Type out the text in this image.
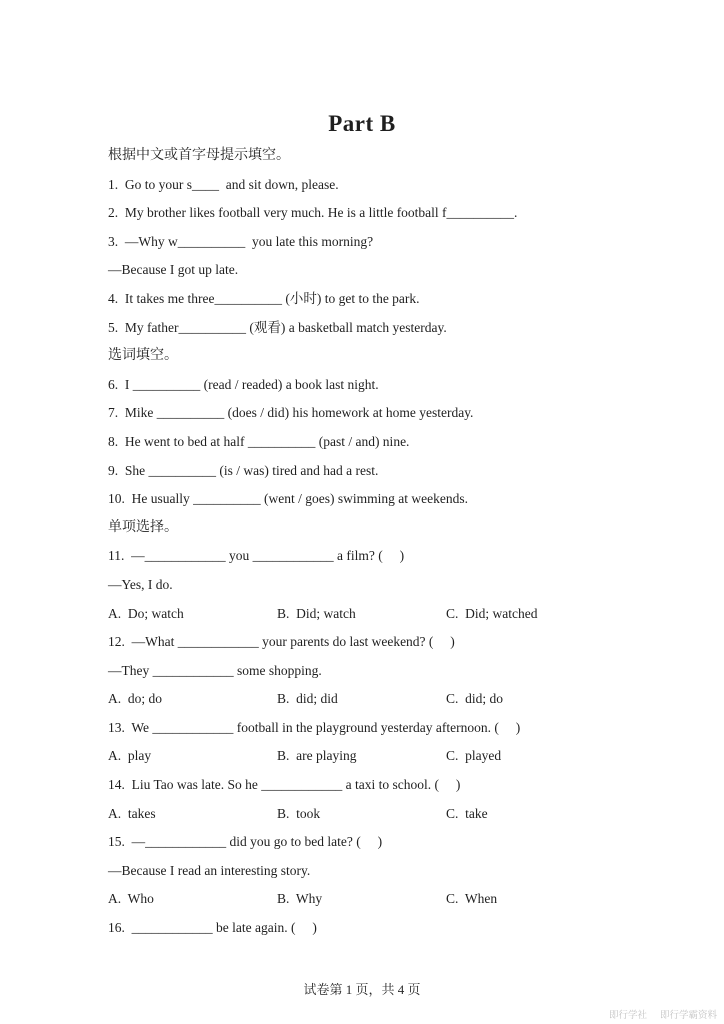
Part B
根据中文或首字母提示填空。
1.  Go to your s____  and sit down, please.
2.  My brother likes football very much. He is a little football f__________.
3.  —Why w__________  you late this morning?
—Because I got up late.
4.  It takes me three__________ (小时) to get to the park.
5.  My father__________ (观看) a basketball match yesterday.
选词填空。
6.  I __________ (read / readed) a book last night.
7.  Mike __________ (does / did) his homework at home yesterday.
8.  He went to bed at half __________ (past / and) nine.
9.  She __________ (is / was) tired and had a rest.
10.  He usually __________ (went / goes) swimming at weekends.
单项选择。
11.  —____________ you ____________ a film? (     )
—Yes, I do.
A.  Do; watch	B.  Did; watch	C.  Did; watched
12.  —What ____________ your parents do last weekend? (     )
—They ____________ some shopping.
A.  do; do	B.  did; did	C.  did; do
13.  We ____________ football in the playground yesterday afternoon. (     )
A.  play	B.  are playing	C.  played
14.  Liu Tao was late. So he ____________ a taxi to school. (     )
A.  takes	B.  took	C.  take
15.  —____________ did you go to bed late? (     )
—Because I read an interesting story.
A.  Who	B.  Why	C.  When
16.  ____________ be late again. (     )
试卷第 1 页，共 4 页
即行学社 即行学霸资料
